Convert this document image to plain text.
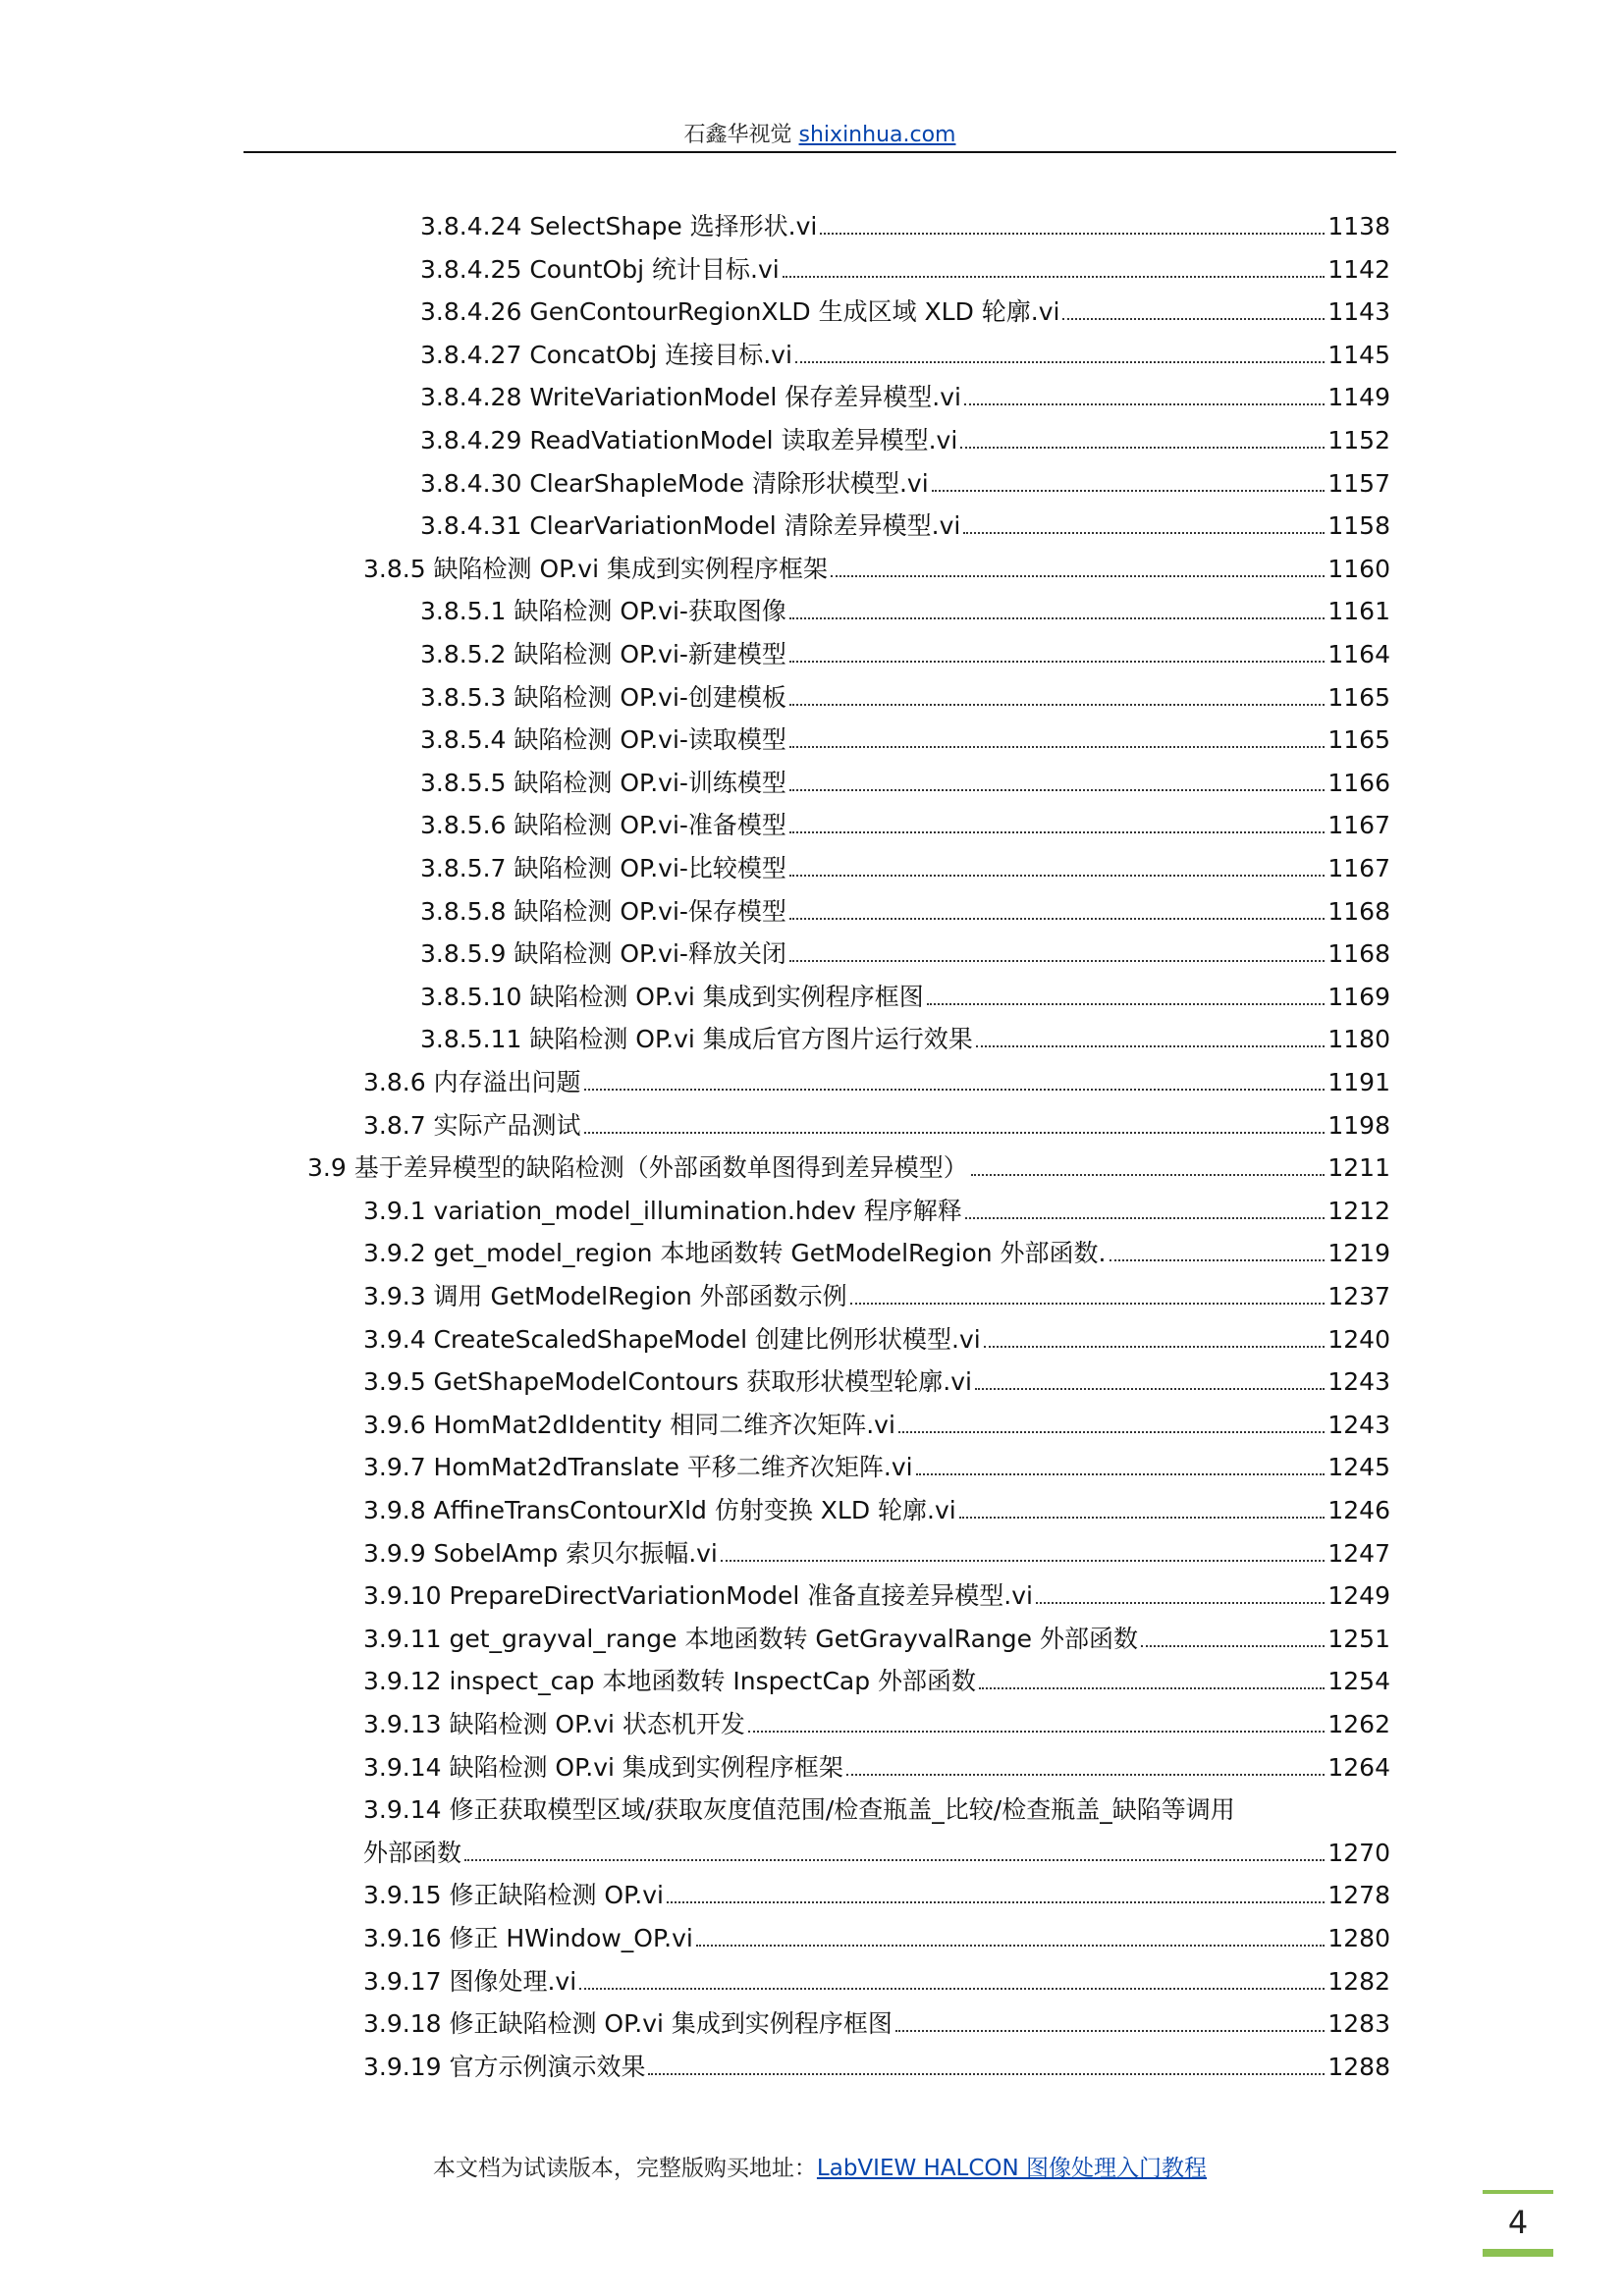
石鑫华视觉 shixinhua.com
3.8.4.24 SelectShape 选择形状.vi	1138
3.8.4.25 CountObj 统计目标.vi	1142
3.8.4.26 GenContourRegionXLD 生成区域 XLD 轮廓.vi	1143
3.8.4.27 ConcatObj 连接目标.vi	1145
3.8.4.28 WriteVariationModel 保存差异模型.vi	1149
3.8.4.29 ReadVatiationModel 读取差异模型.vi	1152
3.8.4.30 ClearShapleMode 清除形状模型.vi	1157
3.8.4.31 ClearVariationModel 清除差异模型.vi	1158
3.8.5 缺陷检测 OP.vi 集成到实例程序框架	1160
3.8.5.1 缺陷检测 OP.vi-获取图像	1161
3.8.5.2 缺陷检测 OP.vi-新建模型	1164
3.8.5.3 缺陷检测 OP.vi-创建模板	1165
3.8.5.4 缺陷检测 OP.vi-读取模型	1165
3.8.5.5 缺陷检测 OP.vi-训练模型	1166
3.8.5.6 缺陷检测 OP.vi-准备模型	1167
3.8.5.7 缺陷检测 OP.vi-比较模型	1167
3.8.5.8 缺陷检测 OP.vi-保存模型	1168
3.8.5.9 缺陷检测 OP.vi-释放关闭	1168
3.8.5.10 缺陷检测 OP.vi 集成到实例程序框图	1169
3.8.5.11 缺陷检测 OP.vi 集成后官方图片运行效果	1180
3.8.6 内存溢出问题	1191
3.8.7 实际产品测试	1198
3.9 基于差异模型的缺陷检测（外部函数单图得到差异模型）	1211
3.9.1 variation_model_illumination.hdev 程序解释	1212
3.9.2 get_model_region 本地函数转 GetModelRegion 外部函数.	1219
3.9.3 调用 GetModelRegion 外部函数示例	1237
3.9.4 CreateScaledShapeModel 创建比例形状模型.vi	1240
3.9.5 GetShapeModelContours 获取形状模型轮廓.vi	1243
3.9.6 HomMat2dIdentity 相同二维齐次矩阵.vi	1243
3.9.7 HomMat2dTranslate 平移二维齐次矩阵.vi	1245
3.9.8 AffineTransContourXld 仿射变换 XLD 轮廓.vi	1246
3.9.9 SobelAmp 索贝尔振幅.vi	1247
3.9.10 PrepareDirectVariationModel 准备直接差异模型.vi	1249
3.9.11 get_grayval_range 本地函数转 GetGrayvalRange 外部函数	1251
3.9.12 inspect_cap 本地函数转 InspectCap 外部函数	1254
3.9.13 缺陷检测 OP.vi 状态机开发	1262
3.9.14 缺陷检测 OP.vi 集成到实例程序框架	1264
3.9.14 修正获取模型区域/获取灰度值范围/检查瓶盖_比较/检查瓶盖_缺陷等调用
外部函数	1270
3.9.15 修正缺陷检测 OP.vi	1278
3.9.16 修正 HWindow_OP.vi	1280
3.9.17 图像处理.vi	1282
3.9.18 修正缺陷检测 OP.vi 集成到实例程序框图	1283
3.9.19 官方示例演示效果	1288
本文档为试读版本，完整版购买地址：LabVIEW HALCON 图像处理入门教程
4
